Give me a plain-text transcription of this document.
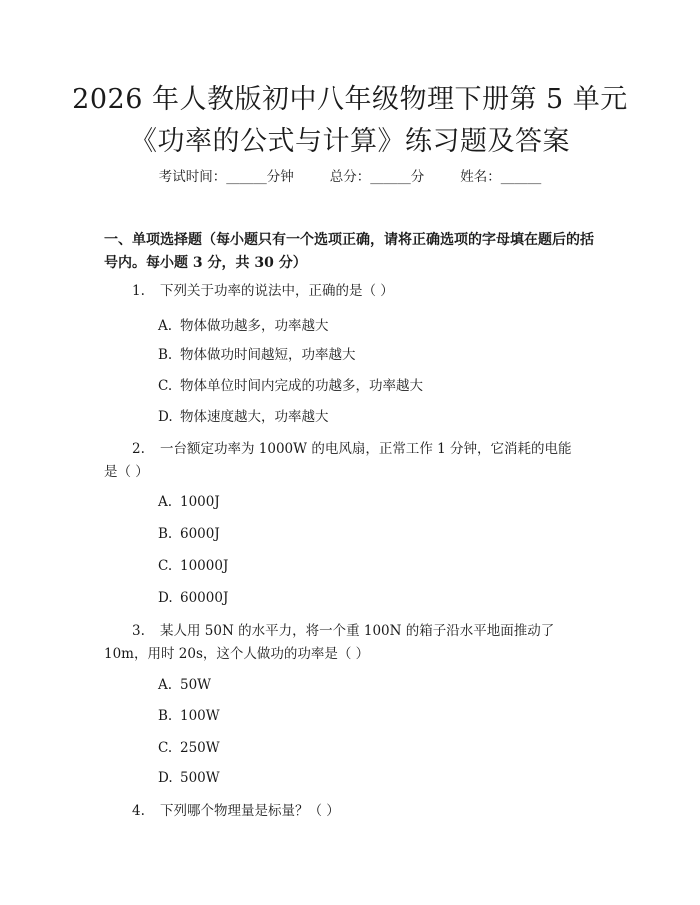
2026 年人教版初中八年级物理下册第 5 单元
《功率的公式与计算》练习题及答案
考试时间：______分钟	总分：______分	姓名：______
一、单项选择题（每小题只有一个选项正确，请将正确选项的字母填在题后的括号内。每小题 3 分，共 30 分）
1. 下列关于功率的说法中，正确的是（ ）
A. 物体做功越多，功率越大
B. 物体做功时间越短，功率越大
C. 物体单位时间内完成的功越多，功率越大
D. 物体速度越大，功率越大
2. 一台额定功率为 1000W 的电风扇，正常工作 1 分钟，它消耗的电能是（ ）
A. 1000J
B. 6000J
C. 10000J
D. 60000J
3. 某人用 50N 的水平力，将一个重 100N 的箱子沿水平地面推动了 10m，用时 20s，这个人做功的功率是（ ）
A. 50W
B. 100W
C. 250W
D. 500W
4. 下列哪个物理量是标量？（ ）
